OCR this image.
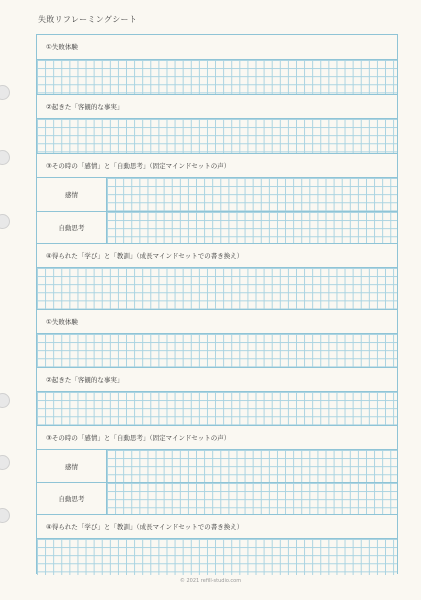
失敗リフレーミングシート
①失敗体験
②起きた「客観的な事実」
③その時の「感情」と「自動思考」（固定マインドセットの声）
感情
自動思考
④得られた「学び」と「教訓」（成長マインドセットでの書き換え）
①失敗体験
②起きた「客観的な事実」
③その時の「感情」と「自動思考」（固定マインドセットの声）
感情
自動思考
④得られた「学び」と「教訓」（成長マインドセットでの書き換え）
© 2021 refill-studio.com
